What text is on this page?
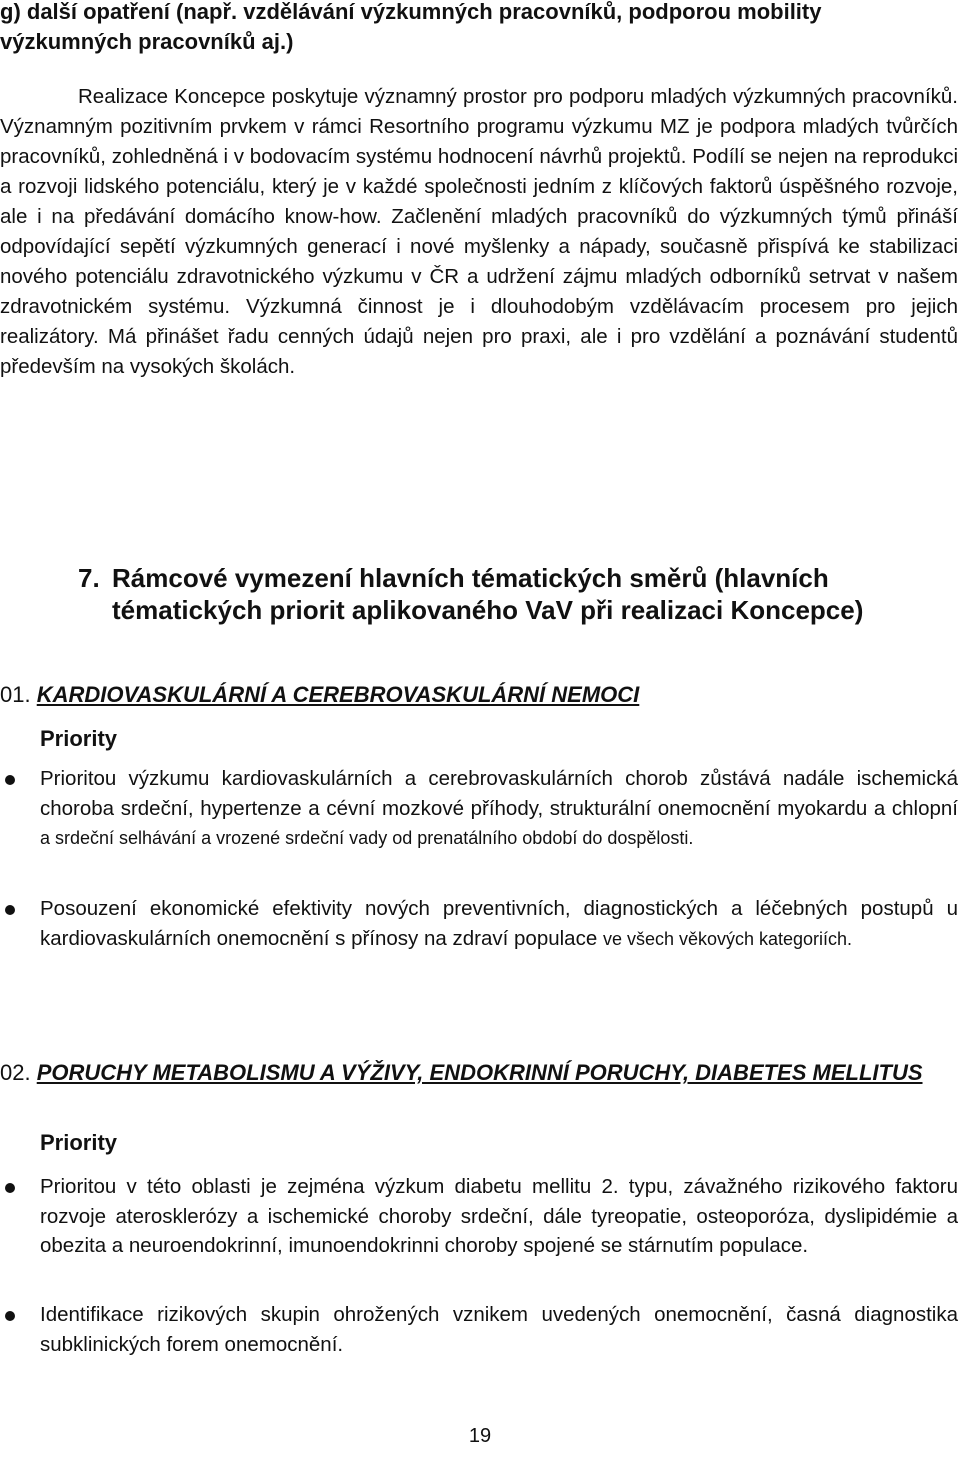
g) další opatření (např. vzdělávání výzkumných pracovníků, podporou mobility výzkumných pracovníků aj.)

Realizace Koncepce poskytuje významný prostor pro podporu mladých výzkumných pracovníků. Významným pozitivním prvkem v rámci Resortního programu výzkumu MZ je podpora mladých tvůrčích pracovníků, zohledněná i v bodovacím systému hodnocení návrhů projektů. Podílí se nejen na reprodukci a rozvoji lidského potenciálu, který je v každé společnosti jedním z klíčových faktorů úspěšného rozvoje, ale i na předávání domácího know-how. Začlenění mladých pracovníků do výzkumných týmů přináší odpovídající sepětí výzkumných generací i nové myšlenky a nápady, současně přispívá ke stabilizaci nového potenciálu zdravotnického výzkumu v ČR a udržení zájmu mladých odborníků setrvat v našem zdravotnickém systému. Výzkumná činnost je i dlouhodobým vzdělávacím procesem pro jejich realizátory. Má přinášet řadu cenných údajů nejen pro praxi, ale i pro vzdělání a poznávání studentů především na vysokých školách.

7. Rámcové vymezení hlavních tématických směrů (hlavních tématických priorit aplikovaného VaV při realizaci Koncepce)
01. KARDIOVASKULÁRNÍ A CEREBROVASKULÁRNÍ NEMOCI

Priority

Prioritou výzkumu kardiovaskulárních a cerebrovaskulárních chorob zůstává nadále ischemická choroba srdeční, hypertenze a cévní mozkové příhody, strukturální onemocnění myokardu a chlopní a srdeční selhávání a vrozené srdeční vady od prenatálního období do dospělosti.
Posouzení ekonomické efektivity nových preventivních, diagnostických a léčebných postupů u kardiovaskulárních onemocnění s přínosy na zdraví populace ve všech věkových kategoriích.
02. PORUCHY METABOLISMU A VÝŽIVY, ENDOKRINNÍ PORUCHY, DIABETES MELLITUS

Priority

Prioritou v této oblasti je zejména výzkum diabetu mellitu 2. typu, závažného rizikového faktoru rozvoje aterosklerózy a ischemické choroby srdeční, dále tyreopatie, osteoporóza, dyslipidémie a obezita a neuroendokrinní, imunoendokrinni choroby spojené se stárnutím populace.
Identifikace rizikových skupin ohrožených vznikem uvedených onemocnění, časná diagnostika subklinických forem onemocnění.
19
